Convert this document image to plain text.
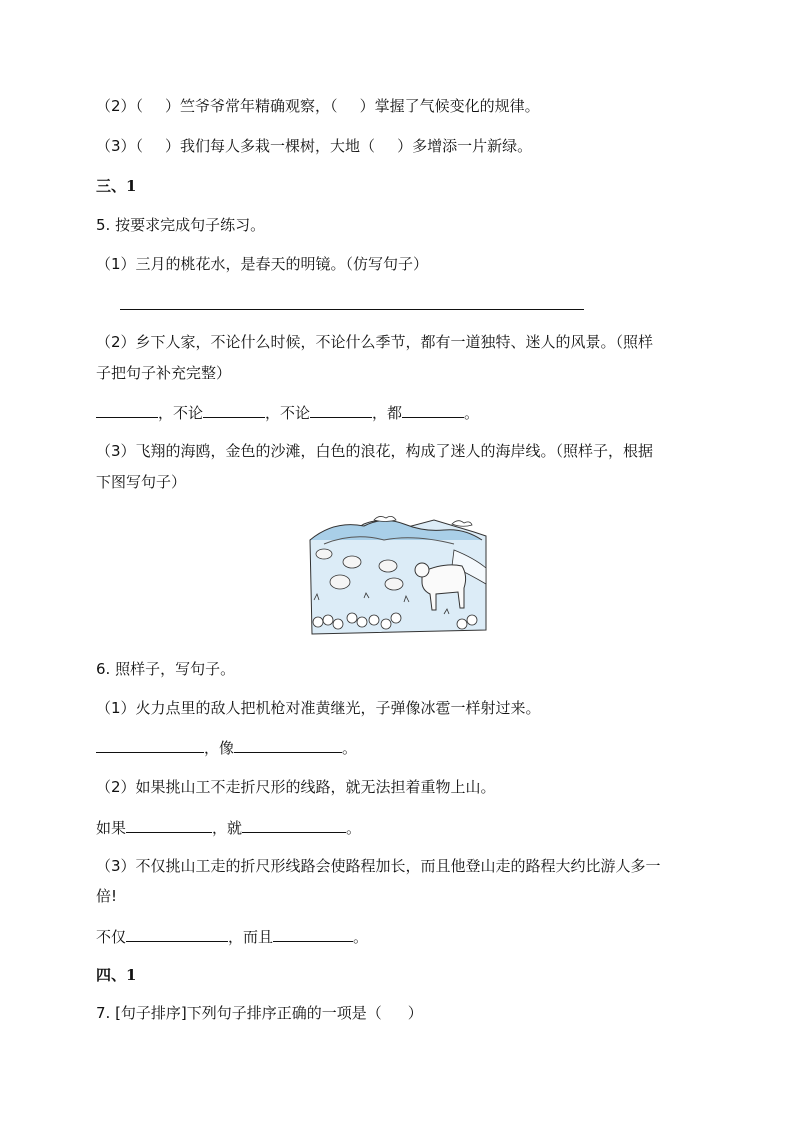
（2）（ ）竺爷爷常年精确观察，（ ）掌握了气候变化的规律。
（3）（ ）我们每人多栽一棵树，大地（ ）多增添一片新绿。
三、1
5. 按要求完成句子练习。
（1）三月的桃花水，是春天的明镜。（仿写句子）
（2）乡下人家，不论什么时候，不论什么季节，都有一道独特、迷人的风景。（照样
子把句子补充完整）
，不论	，不论	，都	。
（3）飞翔的海鸥，金色的沙滩，白色的浪花，构成了迷人的海岸线。（照样子，根据
下图写句子）
6. 照样子，写句子。
（1）火力点里的敌人把机枪对准黄继光，子弹像冰雹一样射过来。
，像	。
（2）如果挑山工不走折尺形的线路，就无法担着重物上山。
如果	，就	。
（3）不仅挑山工走的折尺形线路会使路程加长，而且他登山走的路程大约比游人多一
倍!
不仅	，而且	。
四、1
7. [句子排序]下列句子排序正确的一项是（ ）
